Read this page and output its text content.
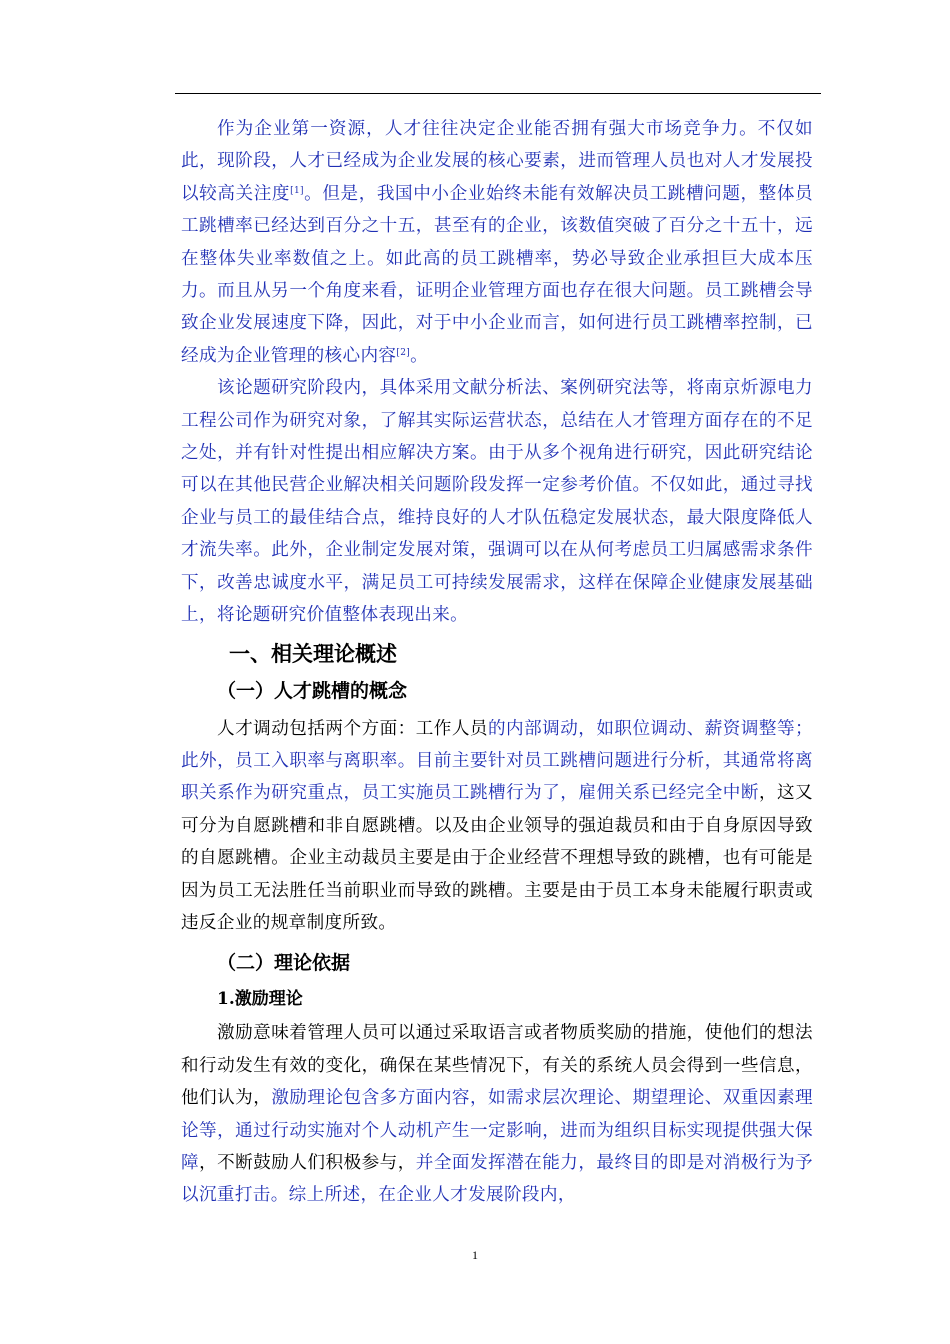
作为企业第一资源，人才往往决定企业能否拥有强大市场竞争力。不仅如此，现阶段，人才已经成为企业发展的核心要素，进而管理人员也对人才发展投以较高关注度[1]。但是，我国中小企业始终未能有效解决员工跳槽问题，整体员工跳槽率已经达到百分之十五，甚至有的企业，该数值突破了百分之十五十，远在整体失业率数值之上。如此高的员工跳槽率，势必导致企业承担巨大成本压力。而且从另一个角度来看，证明企业管理方面也存在很大问题。员工跳槽会导致企业发展速度下降，因此，对于中小企业而言，如何进行员工跳槽率控制，已经成为企业管理的核心内容[2]。

该论题研究阶段内，具体采用文献分析法、案例研究法等，将南京炘源电力工程公司作为研究对象，了解其实际运营状态，总结在人才管理方面存在的不足之处，并有针对性提出相应解决方案。由于从多个视角进行研究，因此研究结论可以在其他民营企业解决相关问题阶段发挥一定参考价值。不仅如此，通过寻找企业与员工的最佳结合点，维持良好的人才队伍稳定发展状态，最大限度降低人才流失率。此外，企业制定发展对策，强调可以在从何考虑员工归属感需求条件下，改善忠诚度水平，满足员工可持续发展需求，这样在保障企业健康发展基础上，将论题研究价值整体表现出来。

一、相关理论概述
（一）人才跳槽的概念

人才调动包括两个方面：工作人员的内部调动，如职位调动、薪资调整等；此外，员工入职率与离职率。目前主要针对员工跳槽问题进行分析，其通常将离职关系作为研究重点，员工实施员工跳槽行为了，雇佣关系已经完全中断，这又可分为自愿跳槽和非自愿跳槽。以及由企业领导的强迫裁员和由于自身原因导致的自愿跳槽。企业主动裁员主要是由于企业经营不理想导致的跳槽，也有可能是因为员工无法胜任当前职业而导致的跳槽。主要是由于员工本身未能履行职责或违反企业的规章制度所致。

（二）理论依据
1.激励理论

激励意味着管理人员可以通过采取语言或者物质奖励的措施，使他们的想法和行动发生有效的变化，确保在某些情况下，有关的系统人员会得到一些信息，他们认为，激励理论包含多方面内容，如需求层次理论、期望理论、双重因素理论等，通过行动实施对个人动机产生一定影响，进而为组织目标实现提供强大保障，不断鼓励人们积极参与，并全面发挥潜在能力，最终目的即是对消极行为予以沉重打击。综上所述，在企业人才发展阶段内，

1
